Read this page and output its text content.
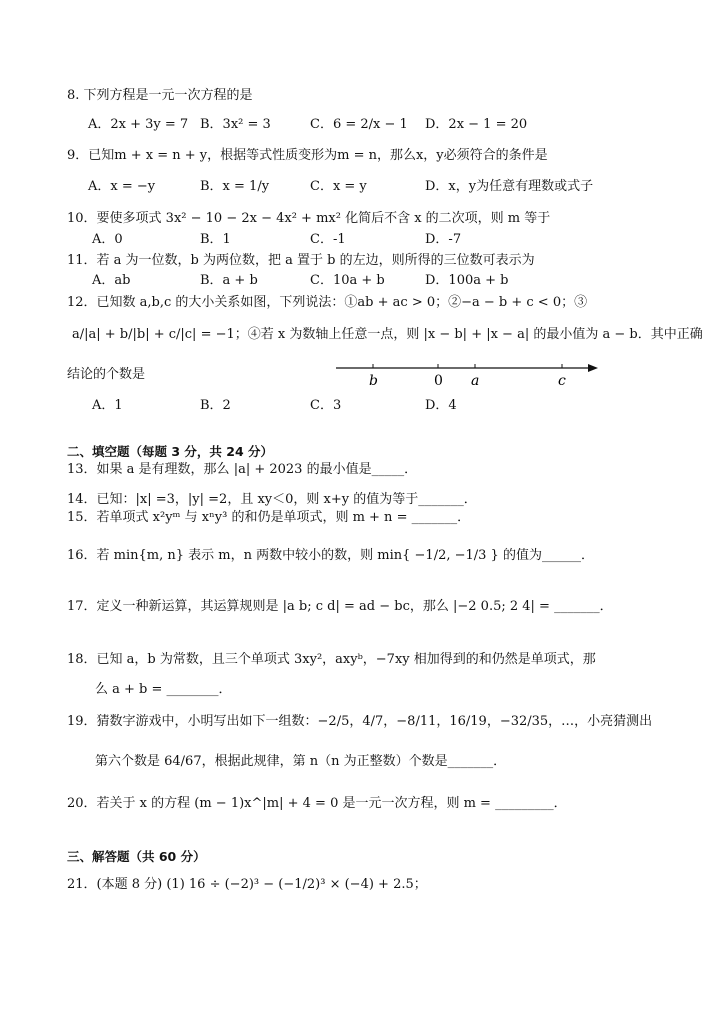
8. 下列方程是一元一次方程的是
A．2x + 3y = 7 B．3x² = 3	C．6 = 2/x − 1 D．2x − 1 = 20
9．已知m + x = n + y，根据等式性质变形为m = n，那么x，y必须符合的条件是
A．x = −y	B．x = 1/y	C．x = y	D．x，y为任意有理数或式子
10．要使多项式 3x² − 10 − 2x − 4x² + mx² 化简后不含 x 的二次项，则 m 等于
A．0	B．1	C．-1	D．-7
11．若 a 为一位数，b 为两位数，把 a 置于 b 的左边，则所得的三位数可表示为
A．ab	B．a + b	C．10a + b	D．100a + b
12．已知数 a,b,c 的大小关系如图，下列说法：①ab + ac > 0；②−a − b + c < 0；③
a/|a| + b/|b| + c/|c| = −1；④若 x 为数轴上任意一点，则 |x − b| + |x − a| 的最小值为 a − b．其中正确
结论的个数是	b	0 a	c
A．1	B．2	C．3	D．4
二、填空题（每题 3 分，共 24 分）
13．如果 a 是有理数，那么 |a| + 2023 的最小值是_____．
14．已知：|x| =3，|y| =2，且 xy＜0，则 x+y 的值为等于_______．
15．若单项式 x²yᵐ 与 xⁿy³ 的和仍是单项式，则 m + n = _______．
16．若 min{m, n} 表示 m，n 两数中较小的数，则 min{ −1/2, −1/3 } 的值为______．
17．定义一种新运算，其运算规则是 |a b; c d| = ad − bc，那么 |−2 0.5; 2 4| = _______．
18．已知 a，b 为常数，且三个单项式 3xy²，axyᵇ，−7xy 相加得到的和仍然是单项式，那
么 a + b = ________．
19．猜数字游戏中，小明写出如下一组数：−2/5，4/7，−8/11，16/19，−32/35，…，小亮猜测出
第六个数是 64/67，根据此规律，第 n（n 为正整数）个数是_______．
20．若关于 x 的方程 (m − 1)x^|m| + 4 = 0 是一元一次方程，则 m = _________．
三、解答题（共 60 分）
21．(本题 8 分) (1) 16 ÷ (−2)³ − (−1/2)³ × (−4) + 2.5；
